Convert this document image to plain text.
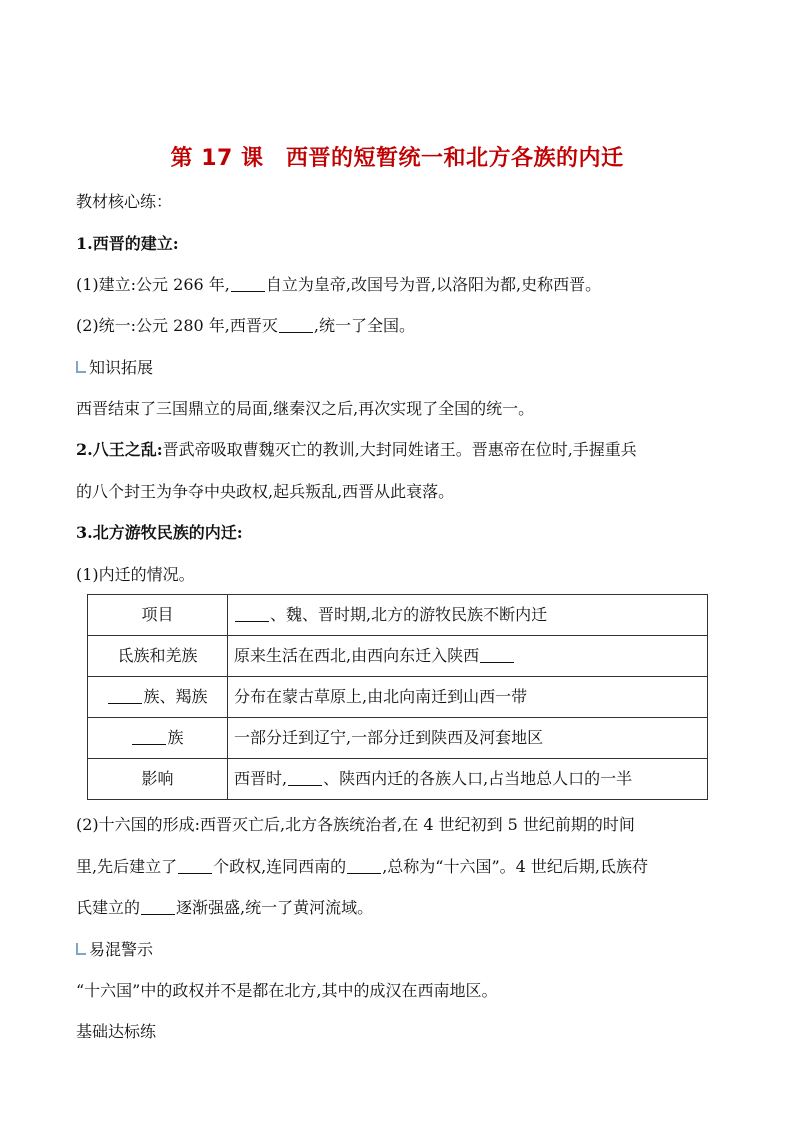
第 17 课　西晋的短暂统一和北方各族的内迁
教材核心练：
1.西晋的建立:
(1)建立:公元 266 年, 自立为皇帝,改国号为晋,以洛阳为都,史称西晋。
(2)统一:公元 280 年,西晋灭 ,统一了全国。
知识拓展
西晋结束了三国鼎立的局面,继秦汉之后,再次实现了全国的统一。
2.八王之乱:晋武帝吸取曹魏灭亡的教训,大封同姓诸王。晋惠帝在位时,手握重兵
的八个封王为争夺中央政权,起兵叛乱,西晋从此衰落。
3.北方游牧民族的内迁:
(1)内迁的情况。
项目	、魏、晋时期,北方的游牧民族不断内迁
氐族和羌族	原来生活在西北,由西向东迁入陕西
族、羯族	分布在蒙古草原上,由北向南迁到山西一带
族	一部分迁到辽宁,一部分迁到陕西及河套地区
影响	西晋时, 、陕西内迁的各族人口,占当地总人口的一半
(2)十六国的形成:西晋灭亡后,北方各族统治者,在 4 世纪初到 5 世纪前期的时间
里,先后建立了 个政权,连同西南的 ,总称为“十六国”。4 世纪后期,氐族苻
氏建立的 逐渐强盛,统一了黄河流域。
易混警示
“十六国”中的政权并不是都在北方,其中的成汉在西南地区。
基础达标练
